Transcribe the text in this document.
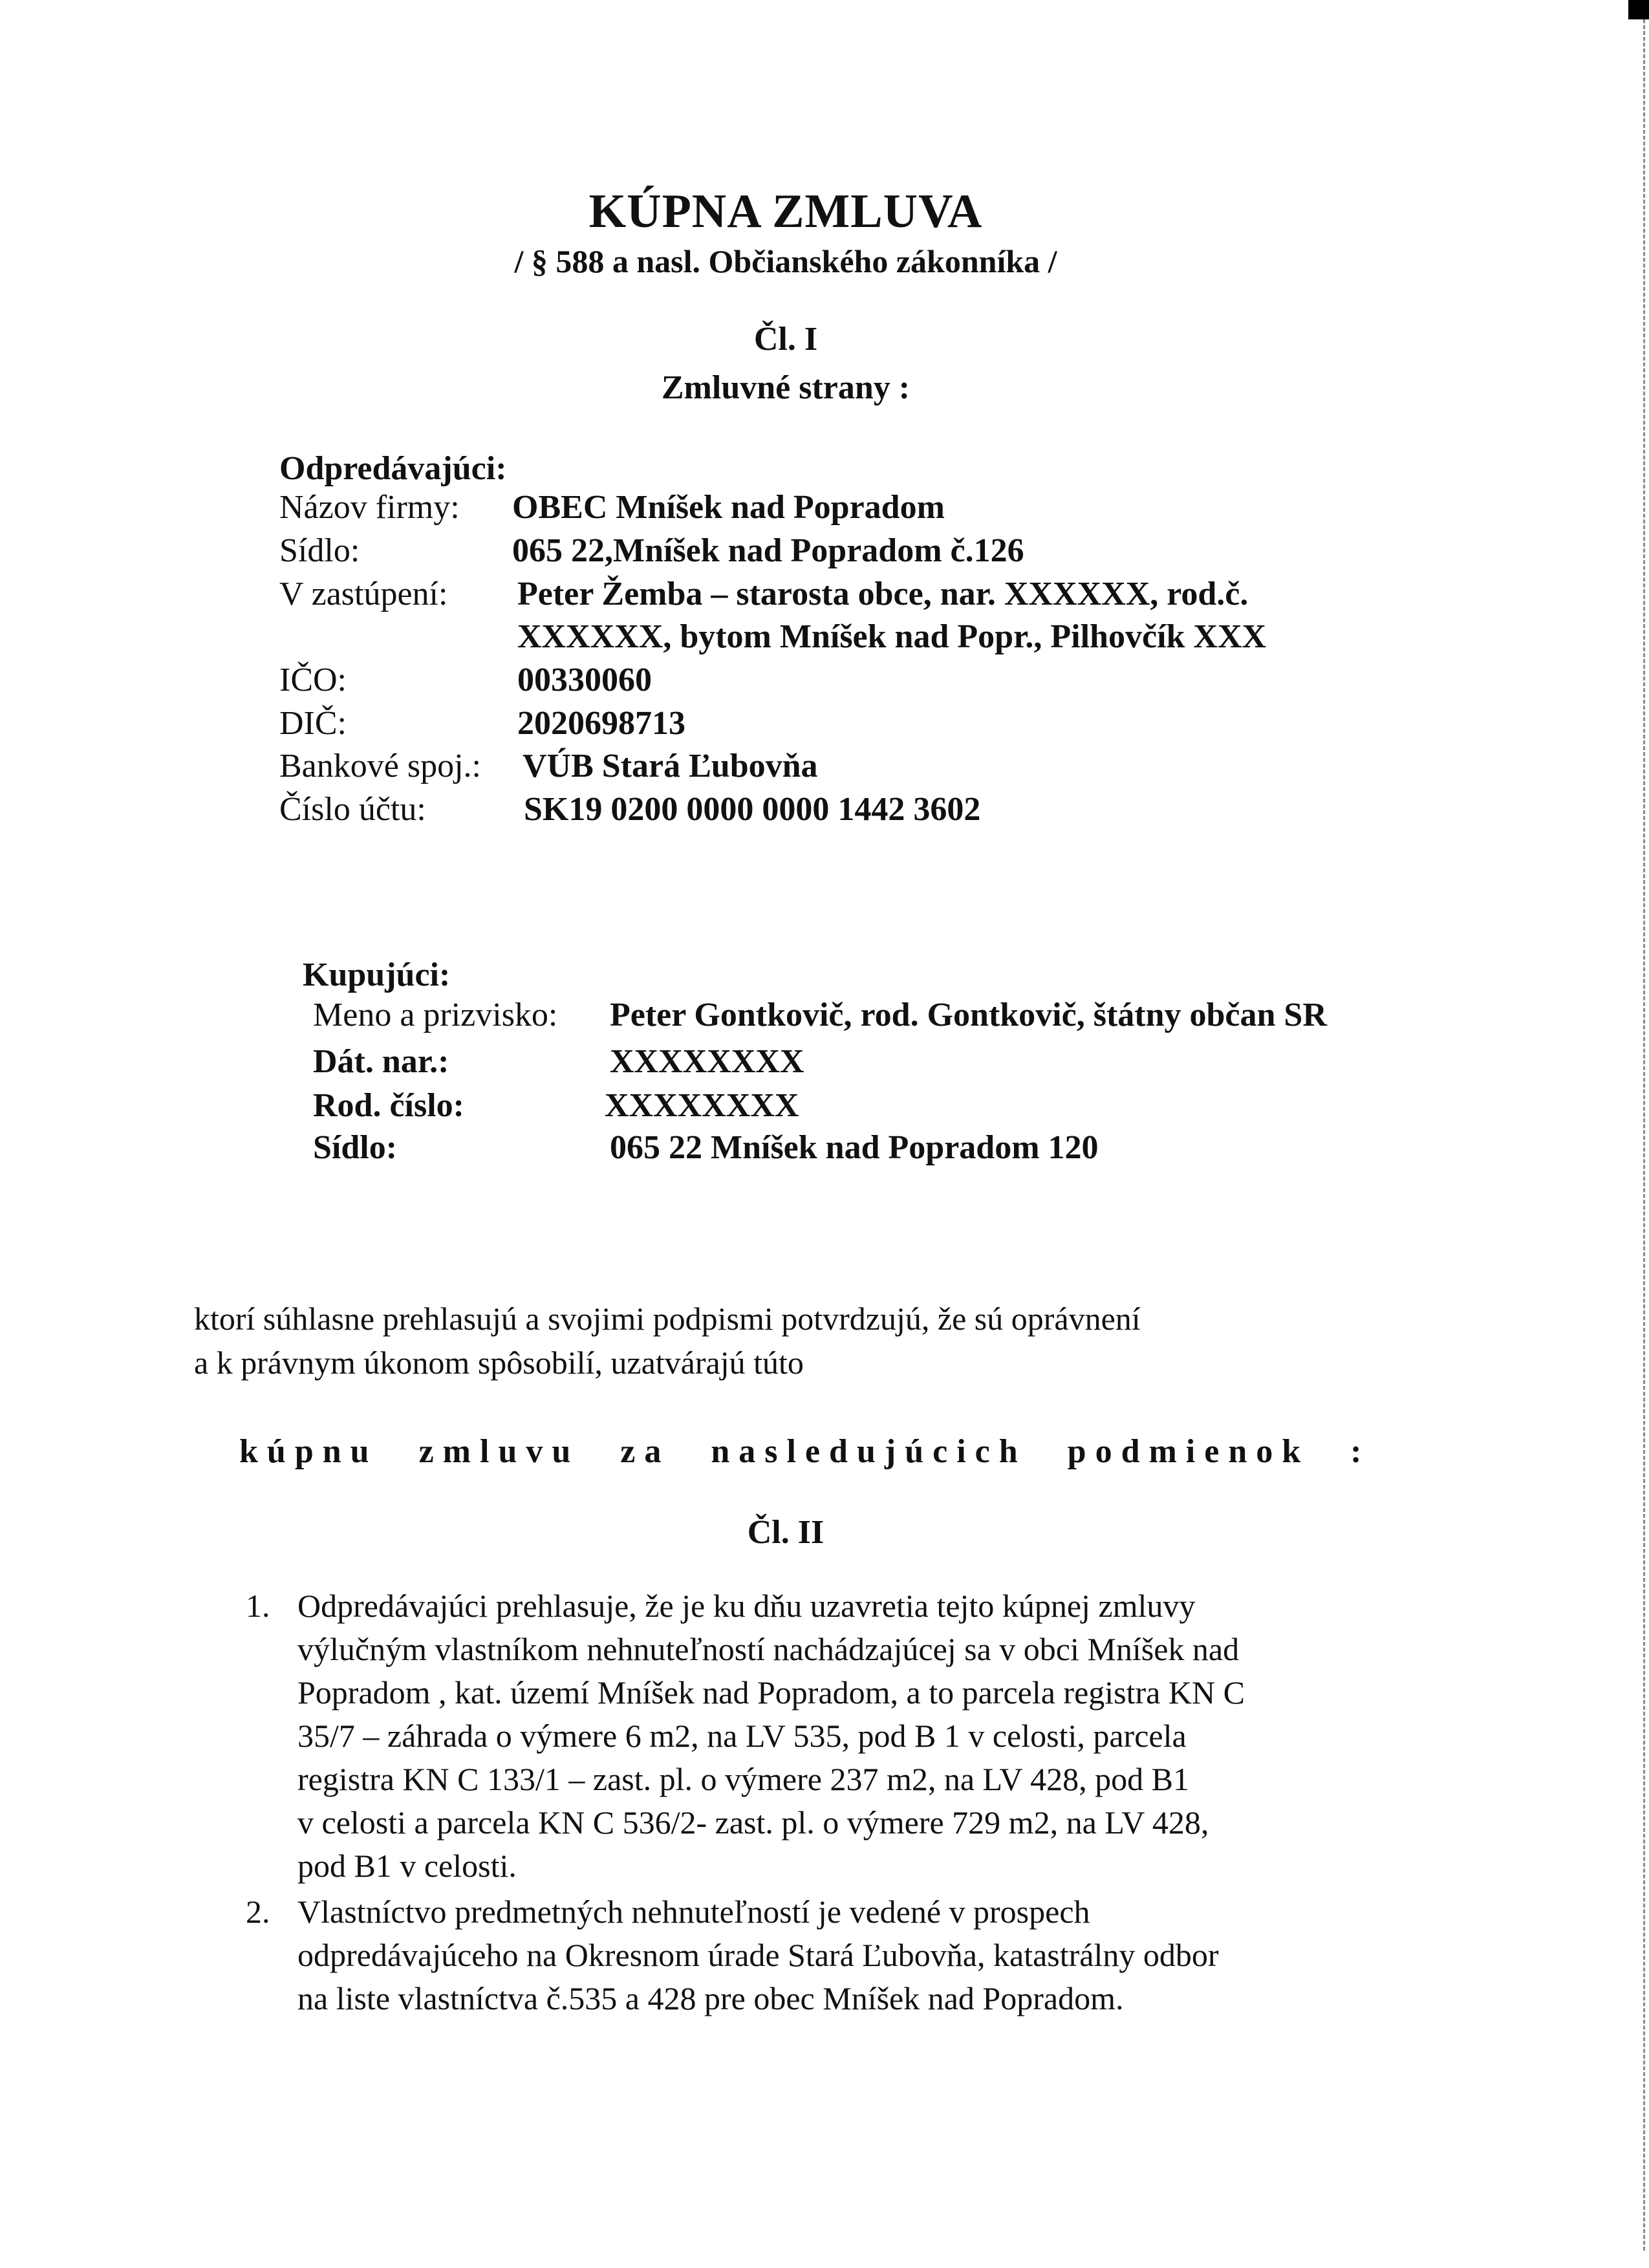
KÚPNA ZMLUVA
/ § 588 a nasl. Občianského zákonníka /
Čl. I
Zmluvné strany :
Odpredávajúci:
Názov firmy: OBEC Mníšek nad Popradom
Sídlo:	065 22,Mníšek nad Popradom č.126
V zastúpení: Peter Žemba – starosta obce, nar. XXXXXX, rod.č.
XXXXXX, bytom Mníšek nad Popr., Pilhovčík XXX
IČO:	00330060
DIČ:	2020698713
Bankové spoj.: VÚB Stará Ľubovňa
Číslo účtu:	SK19 0200 0000 0000 1442 3602
Kupujúci:
Meno a prizvisko: Peter Gontkovič, rod. Gontkovič, štátny občan SR
Dát. nar.:	XXXXXXXX
Rod. číslo:	XXXXXXXX
Sídlo:	065 22 Mníšek nad Popradom 120

ktorí súhlasne prehlasujú a svojimi podpismi potvrdzujú, že sú oprávnení

a k právnym úkonom spôsobilí, uzatvárajú túto

kúpnu zmluvu za nasledujúcich podmienok :
Čl. II
1. Odpredávajúci prehlasuje, že je ku dňu uzavretia tejto kúpnej zmluvy
výlučným vlastníkom nehnuteľností nachádzajúcej sa v obci Mníšek nad
Popradom , kat. území Mníšek nad Popradom, a to parcela registra KN C
35/7 – záhrada o výmere 6 m2, na LV 535, pod B 1 v celosti, parcela
registra KN C 133/1 – zast. pl. o výmere 237 m2, na LV 428, pod B1
v celosti a parcela KN C 536/2- zast. pl. o výmere 729 m2, na LV 428,
pod B1 v celosti.
2. Vlastníctvo predmetných nehnuteľností je vedené v prospech
odpredávajúceho na Okresnom úrade Stará Ľubovňa, katastrálny odbor
na liste vlastníctva č.535 a 428 pre obec Mníšek nad Popradom.
